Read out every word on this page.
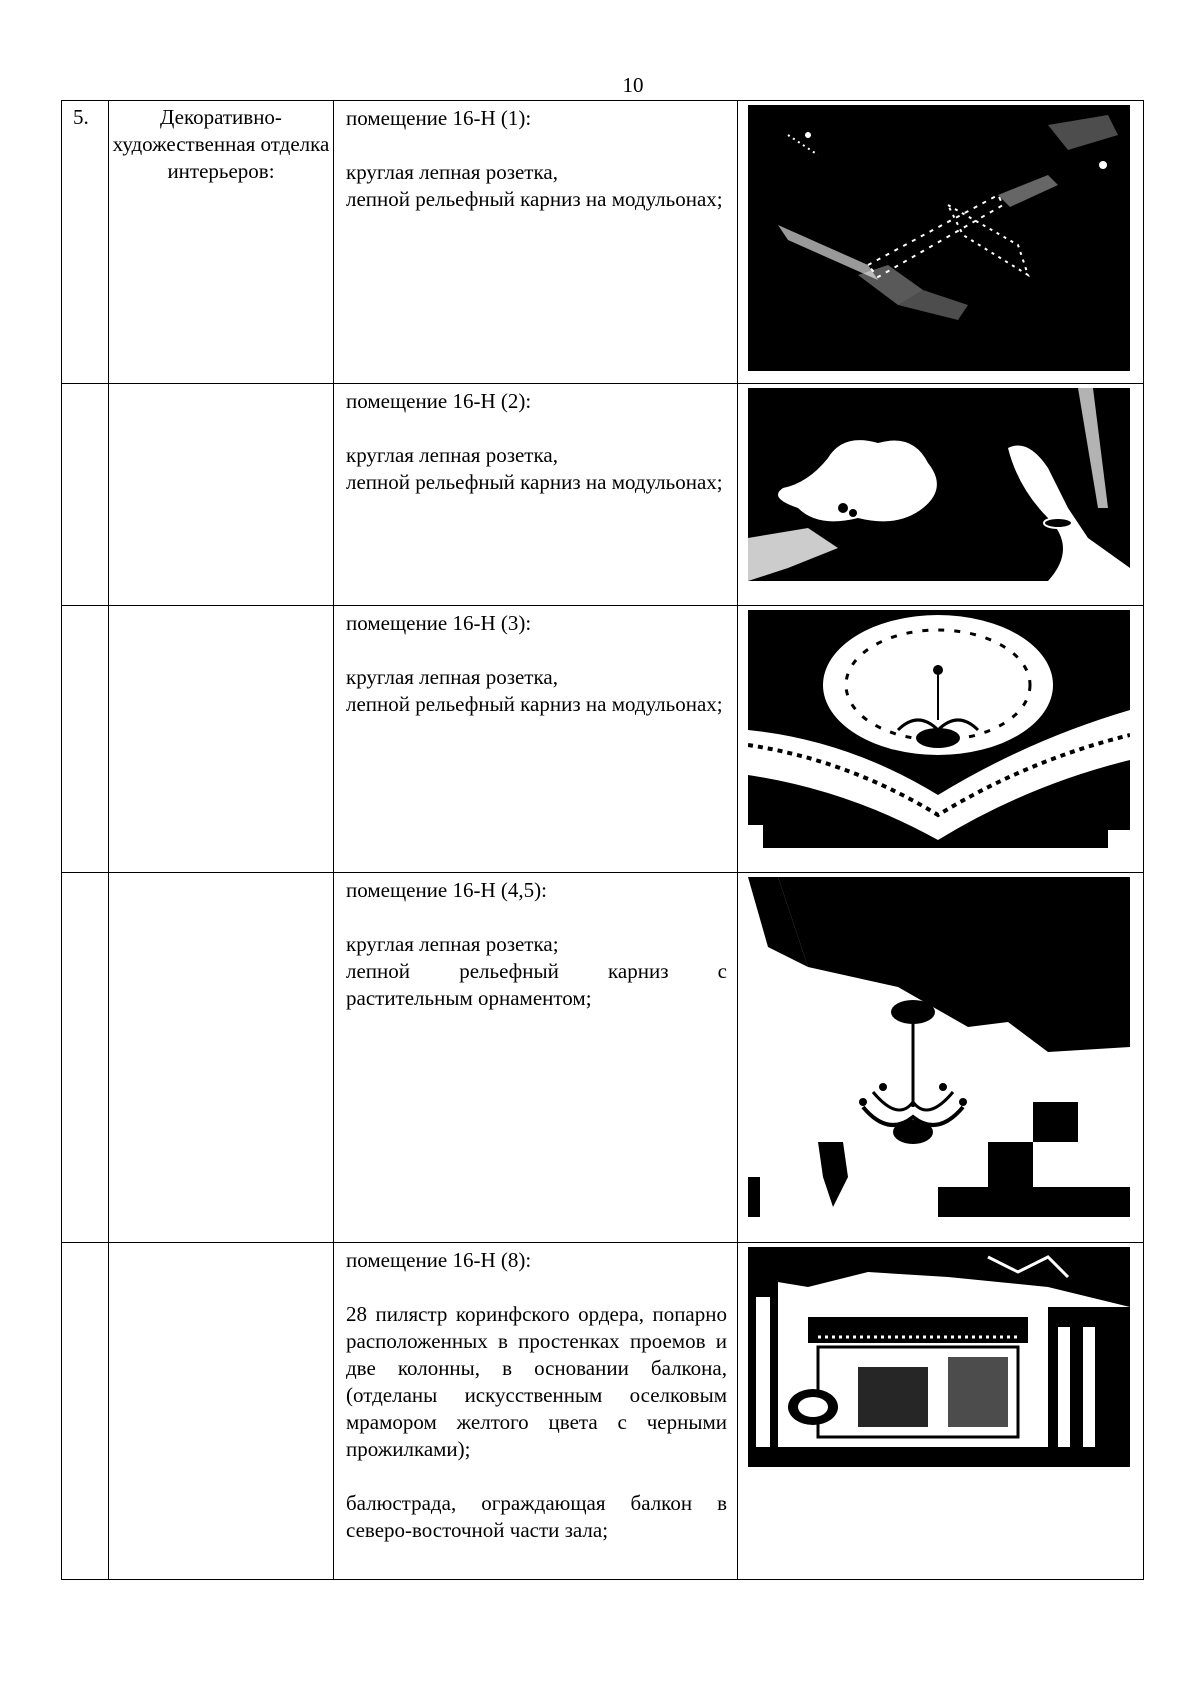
10
5.	Декоративно-художественная отделка интерьеров:	помещение 16-Н (1):
круглая лепная розетка,
лепной рельефный карниз на модульонах;

		помещение 16-Н (2):
круглая лепная розетка,
лепной рельефный карниз на модульонах;

		помещение 16-Н (3):
круглая лепная розетка,
лепной рельефный карниз на модульонах;

		помещение 16-Н (4,5):
круглая лепная розетка;
лепной рельефный карниз с растительным орнаментом;

		помещение 16-Н (8):
28 пилястр коринфского ордера, попарно расположенных в простенках проемов и две колонны, в основании балкона, (отделаны искусственным оселковым мрамором желтого цвета с черными прожилками);
балюстрада, ограждающая балкон в северо-восточной части зала;
